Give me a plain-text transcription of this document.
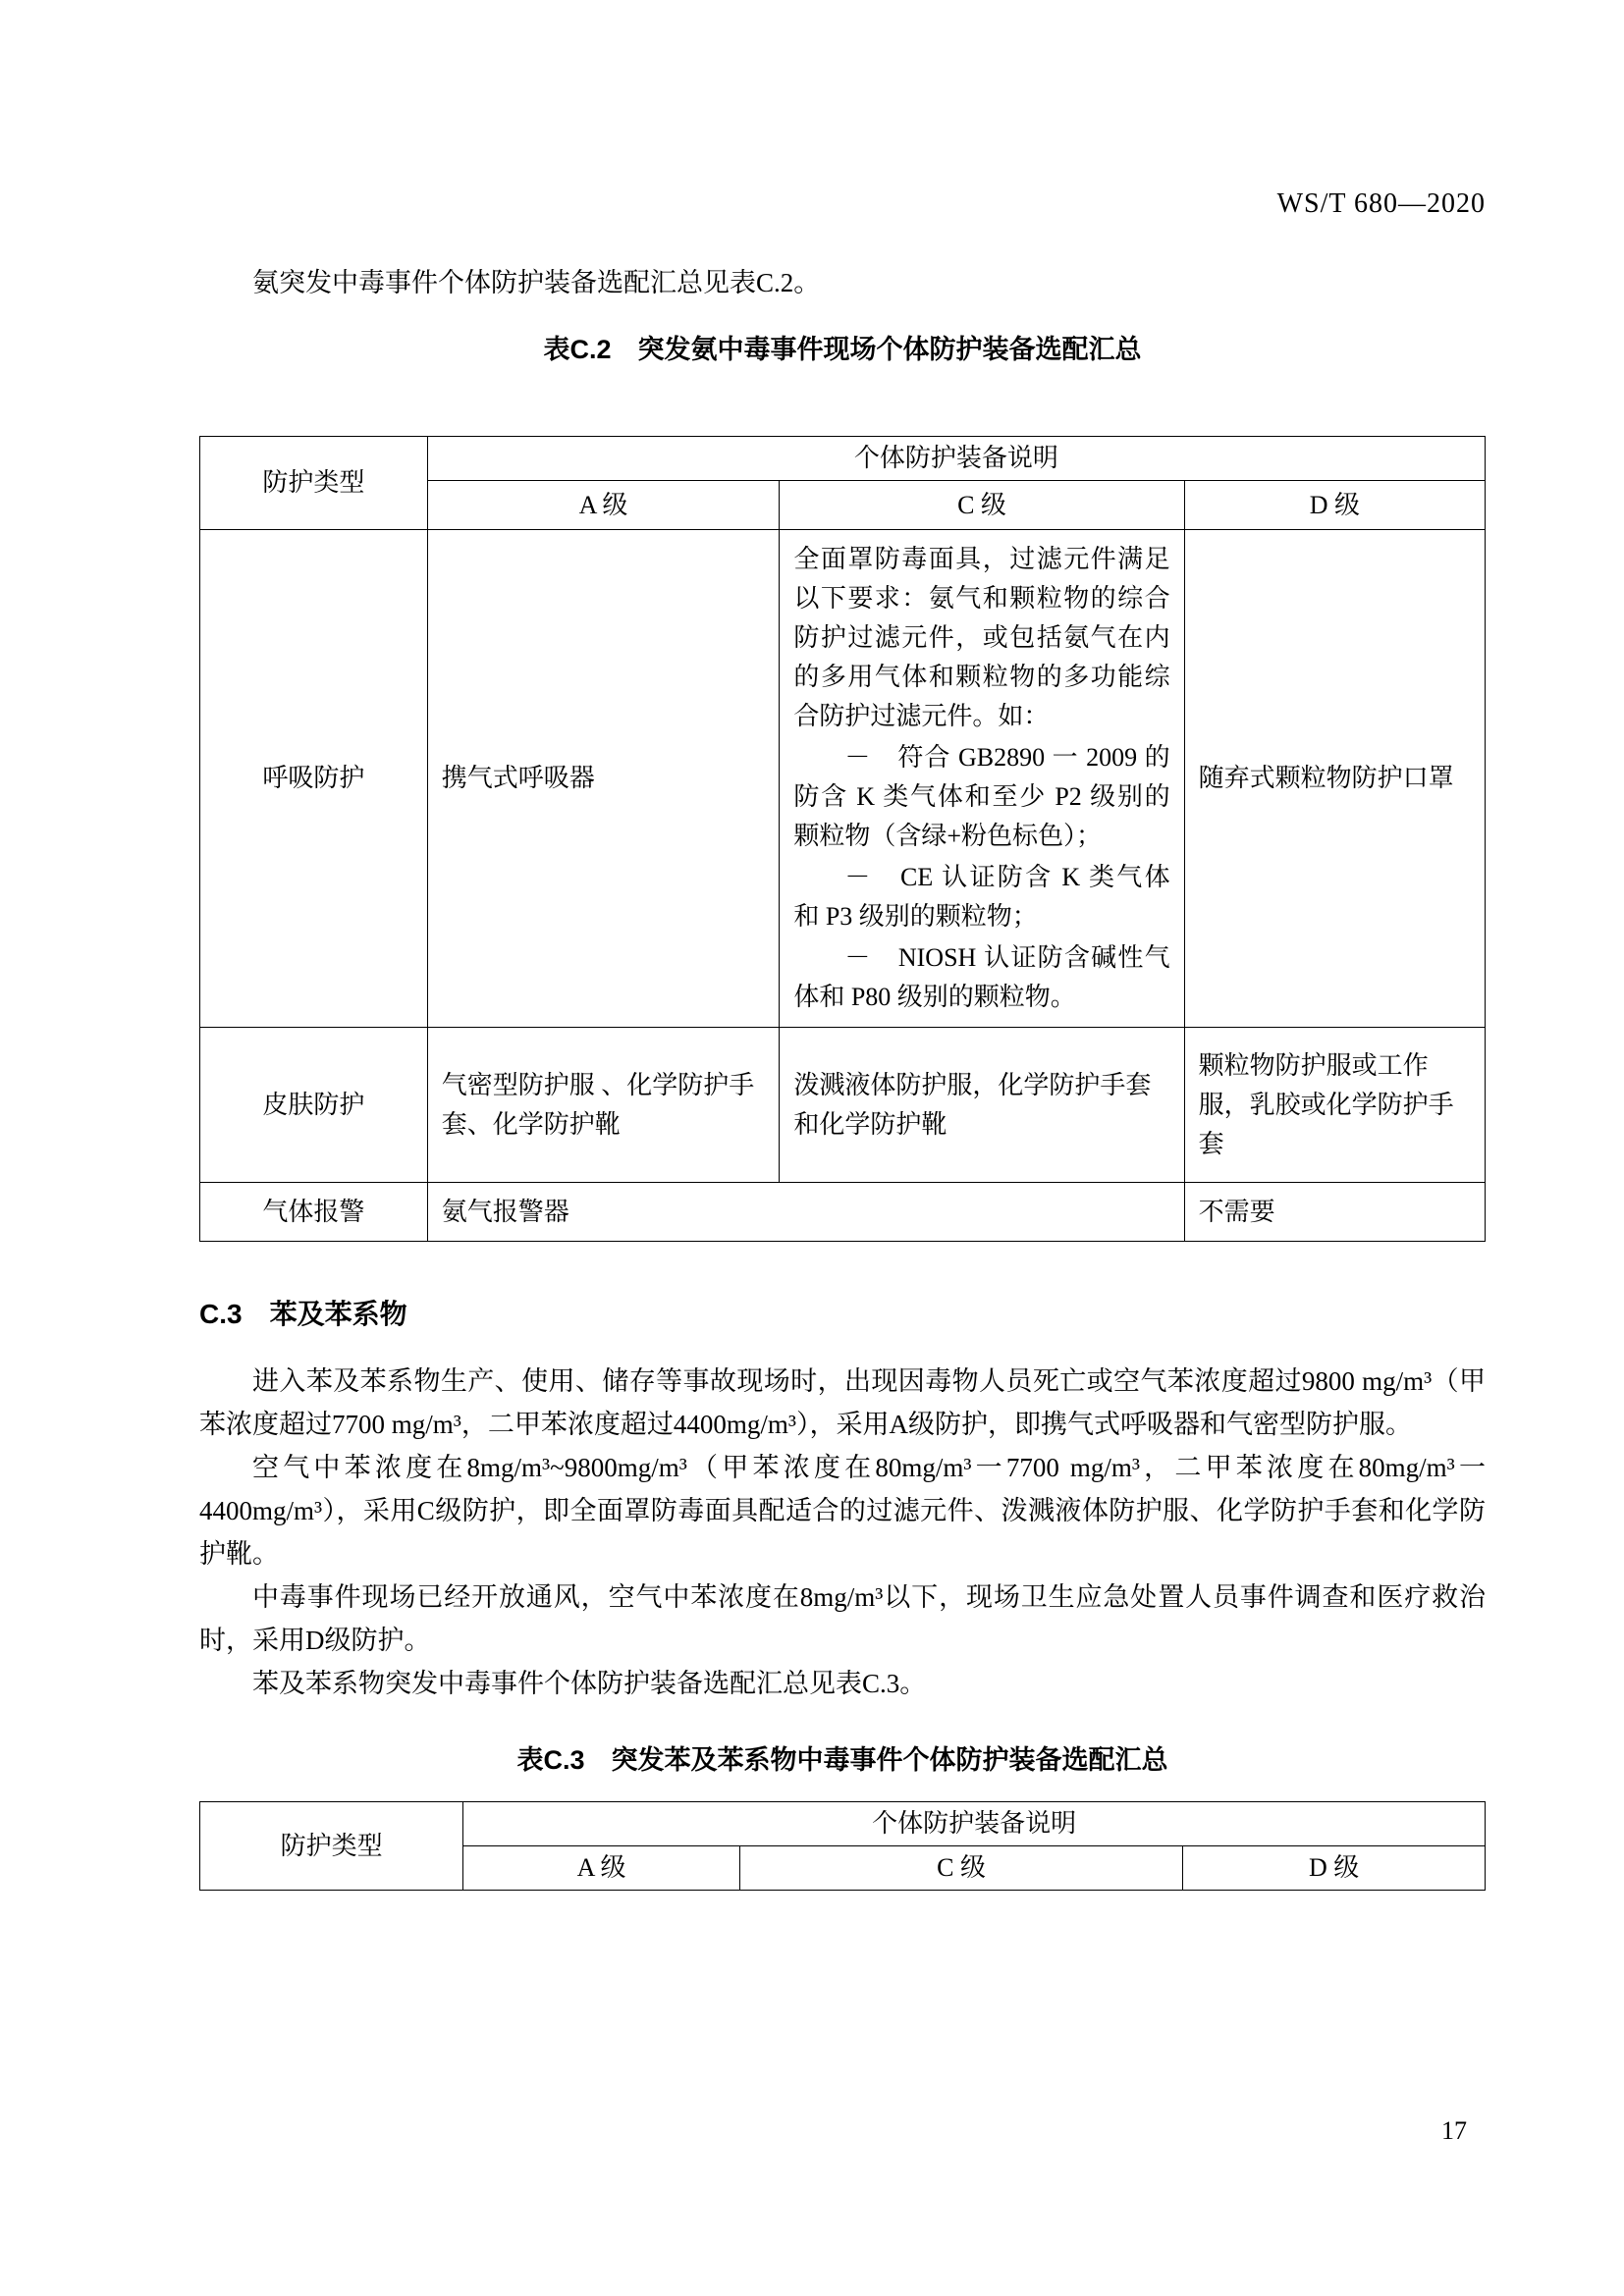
WS/T 680—2020

氨突发中毒事件个体防护装备选配汇总见表C.2。

表C.2　突发氨中毒事件现场个体防护装备选配汇总
防护类型	个体防护装备说明		
	A 级	C 级	D 级
呼吸防护	携气式呼吸器	全面罩防毒面具，过滤元件满足以下要求：氨气和颗粒物的综合防护过滤元件，或包括氨气在内的多用气体和颗粒物的多功能综合防护过滤元件。如：

－　符合 GB2890 一 2009 的防含 K 类气体和至少 P2 级别的颗粒物（含绿+粉色标色）；

－　CE 认证防含 K 类气体和 P3 级别的颗粒物；

－　NIOSH 认证防含碱性气体和 P80 级别的颗粒物。	随弃式颗粒物防护口罩
皮肤防护	气密型防护服 、化学防护手套、化学防护靴	泼溅液体防护服，化学防护手套和化学防护靴	颗粒物防护服或工作服，乳胶或化学防护手套
气体报警	氨气报警器		不需要
C.3　苯及苯系物

进入苯及苯系物生产、使用、储存等事故现场时，出现因毒物人员死亡或空气苯浓度超过9800 mg/m³（甲苯浓度超过7700 mg/m³，二甲苯浓度超过4400mg/m³），采用A级防护，即携气式呼吸器和气密型防护服。

空气中苯浓度在8mg/m³~9800mg/m³（甲苯浓度在80mg/m³一7700 mg/m³，二甲苯浓度在80mg/m³一4400mg/m³），采用C级防护，即全面罩防毒面具配适合的过滤元件、泼溅液体防护服、化学防护手套和化学防护靴。

中毒事件现场已经开放通风，空气中苯浓度在8mg/m³以下，现场卫生应急处置人员事件调查和医疗救治时，采用D级防护。

苯及苯系物突发中毒事件个体防护装备选配汇总见表C.3。

表C.3　突发苯及苯系物中毒事件个体防护装备选配汇总
防护类型	个体防护装备说明		
	A 级	C 级	D 级
17
